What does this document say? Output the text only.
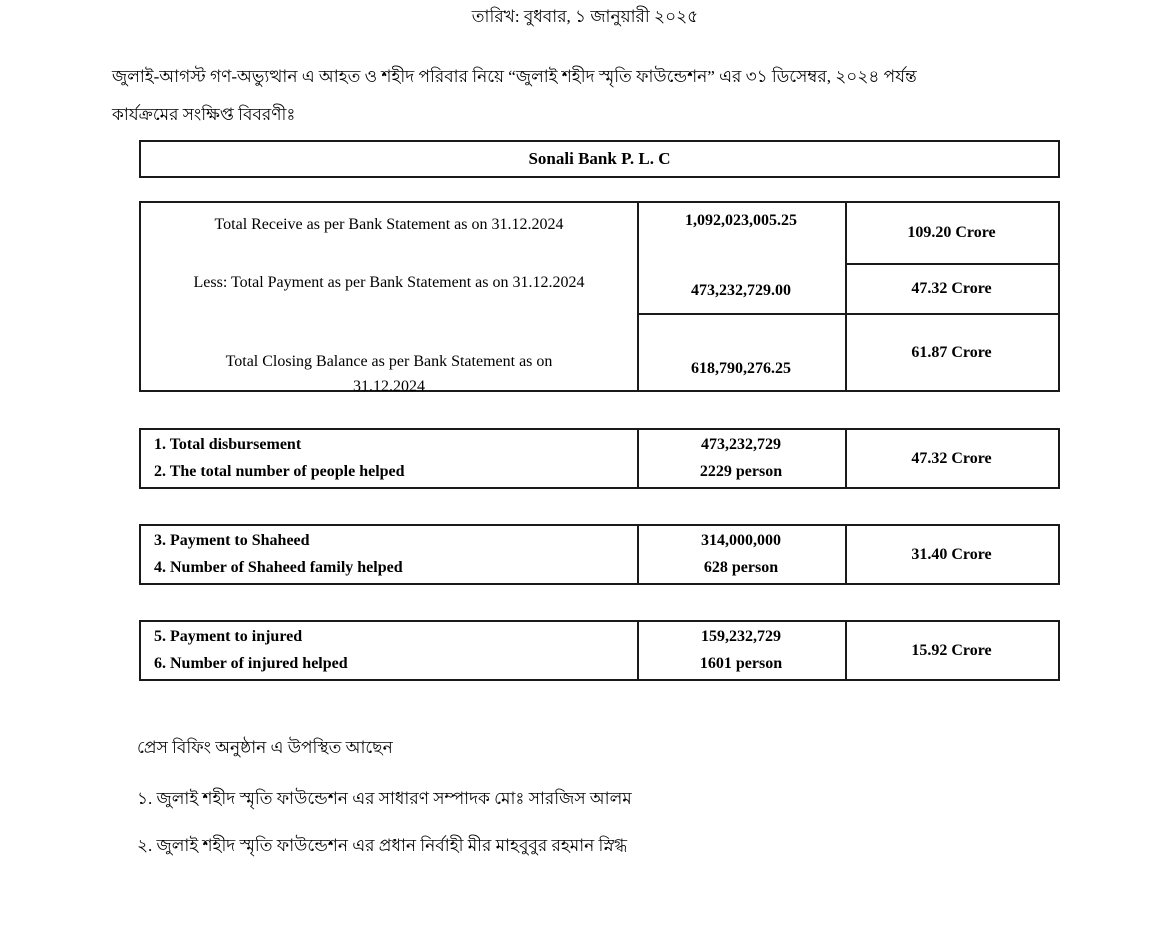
তারিখ: বুধবার, ১ জানুয়ারী ২০২৫
জুলাই-আগস্ট গণ-অভ্যুত্থান এ আহত ও শহীদ পরিবার নিয়ে “জুলাই শহীদ স্মৃতি ফাউন্ডেশন” এর ৩১ ডিসেম্বর, ২০২৪ পর্যন্ত
কার্যক্রমের সংক্ষিপ্ত বিবরণীঃ
Sonali Bank P. L. C
Total Receive as per Bank Statement as on 31.12.2024
Less: Total Payment as per Bank Statement as on 31.12.2024
Total Closing Balance as per Bank Statement as on 31.12.2024
1,092,023,005.25
473,232,729.00
618,790,276.25
109.20 Crore
47.32 Crore
61.87 Crore
1. Total disbursement
2. The total number of people helped
473,232,729
2229 person
47.32 Crore
3. Payment to Shaheed
4. Number of Shaheed family helped
314,000,000
628 person
31.40 Crore
5. Payment to injured
6. Number of injured helped
159,232,729
1601 person
15.92 Crore
প্রেস বিফিং অনুষ্ঠান এ উপস্থিত আছেন
১. জুলাই শহীদ স্মৃতি ফাউন্ডেশন এর সাধারণ সম্পাদক মোঃ সারজিস আলম
২. জুলাই শহীদ স্মৃতি ফাউন্ডেশন এর প্রধান নির্বাহী মীর মাহবুবুর রহমান স্নিগ্ধ
